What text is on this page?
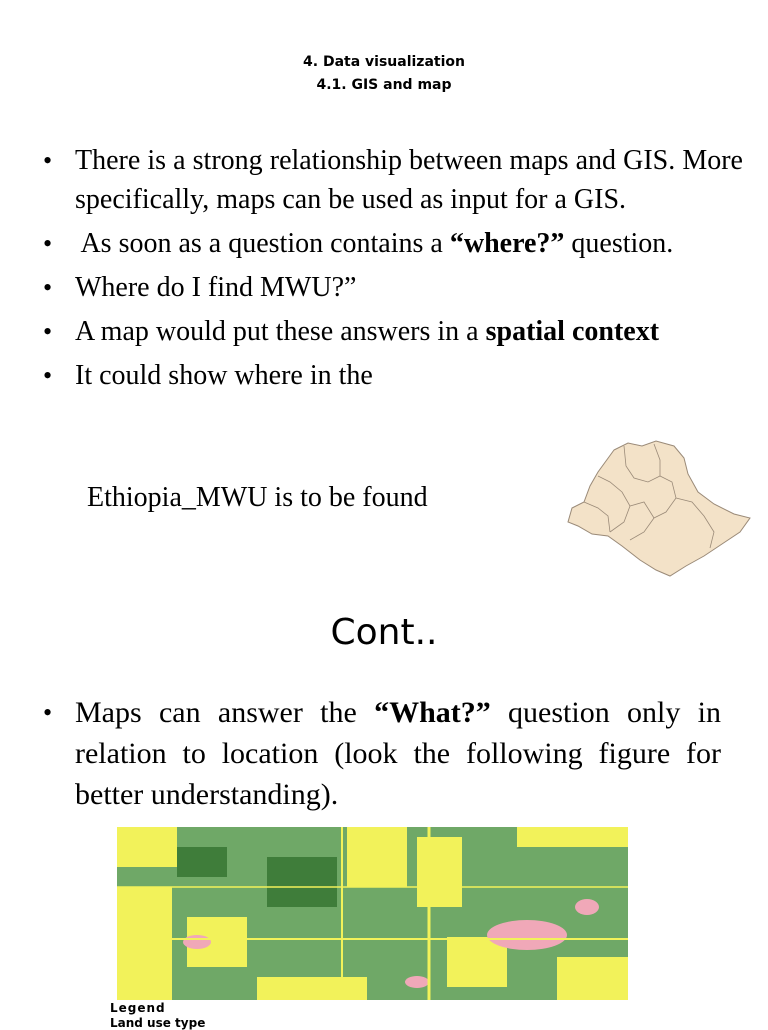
4. Data visualization
4.1. GIS and map
• There is a strong relationship between maps and GIS. More specifically, maps can be used as input for a GIS.
•  As soon as a question contains a “where?” question.
• Where do I find MWU?”
• A map would put these answers in a spatial context
• It could show where in the
Ethiopia_MWU is to be found
Cont..
• Maps can answer the “What?” question only in relation to location (look the following figure for better understanding).
Legend
Land use type
